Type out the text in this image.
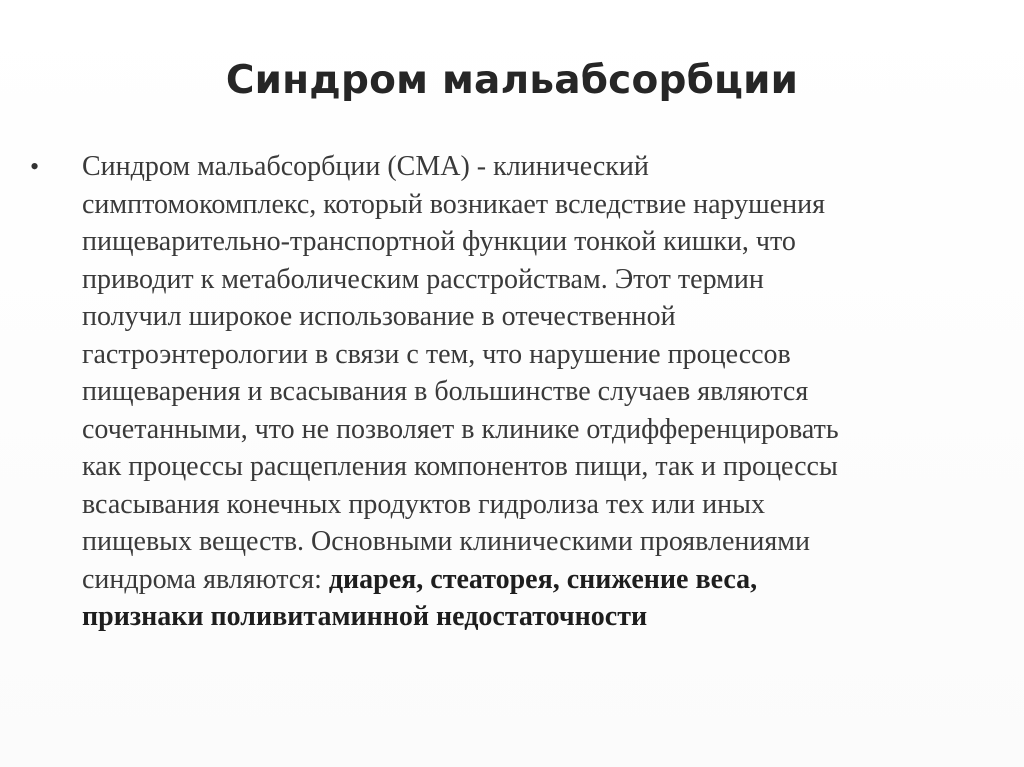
Синдром мальабсорбции
•	Синдром мальабсорбции (СМА) - клинический
симптомокомплекс, который возникает вследствие нарушения
пищеварительно-транспортной функции тонкой кишки, что
приводит к метаболическим расстройствам. Этот термин
получил широкое использование в отечественной
гастроэнтерологии в связи с тем, что нарушение процессов
пищеварения и всасывания в большинстве случаев являются
сочетанными, что не позволяет в клинике отдифференцировать
как процессы расщепления компонентов пищи, так и процессы
всасывания конечных продуктов гидролиза тех или иных
пищевых веществ. Основными клиническими проявлениями
синдрома являются: диарея, стеаторея, снижение веса,
признаки поливитаминной недостаточности
